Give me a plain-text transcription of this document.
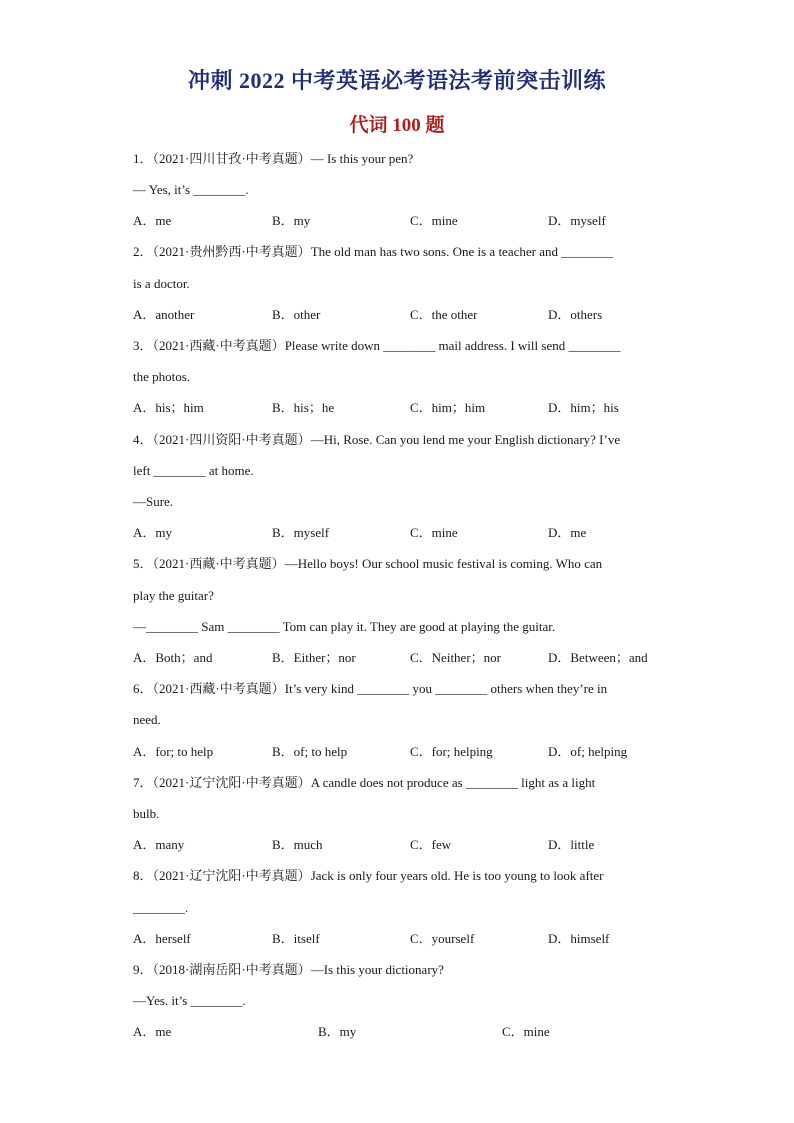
冲刺 2022 中考英语必考语法考前突击训练
代词 100 题
1．（2021·四川甘孜·中考真题）— Is this your pen?
— Yes, it’s ________.
A．me	B．my	C．mine	D．myself
2．（2021·贵州黔西·中考真题）The old man has two sons. One is a teacher and ________
is a doctor.
A．another	B．other	C．the other	D．others
3．（2021·西藏·中考真题）Please write down ________ mail address. I will send ________
the photos.
A．his；him	B．his；he	C．him；him	D．him；his
4．（2021·四川资阳·中考真题）—Hi, Rose. Can you lend me your English dictionary? I’ve
left ________ at home.
—Sure.
A．my	B．myself	C．mine	D．me
5．（2021·西藏·中考真题）—Hello boys! Our school music festival is coming. Who can
play the guitar?
—________ Sam ________ Tom can play it. They are good at playing the guitar.
A．Both；and	B．Either；nor	C．Neither；nor	D．Between；and
6．（2021·西藏·中考真题）It’s very kind ________ you ________ others when they’re in
need.
A．for; to help	B．of; to help	C．for; helping	D．of; helping
7．（2021·辽宁沈阳·中考真题）A candle does not produce as ________ light as a light
bulb.
A．many	B．much	C．few	D．little
8．（2021·辽宁沈阳·中考真题）Jack is only four years old. He is too young to look after
________.
A．herself	B．itself	C．yourself	D．himself
9．（2018·湖南岳阳·中考真题）—Is this your dictionary?
—Yes. it’s ________.
A．me	B．my	C．mine
